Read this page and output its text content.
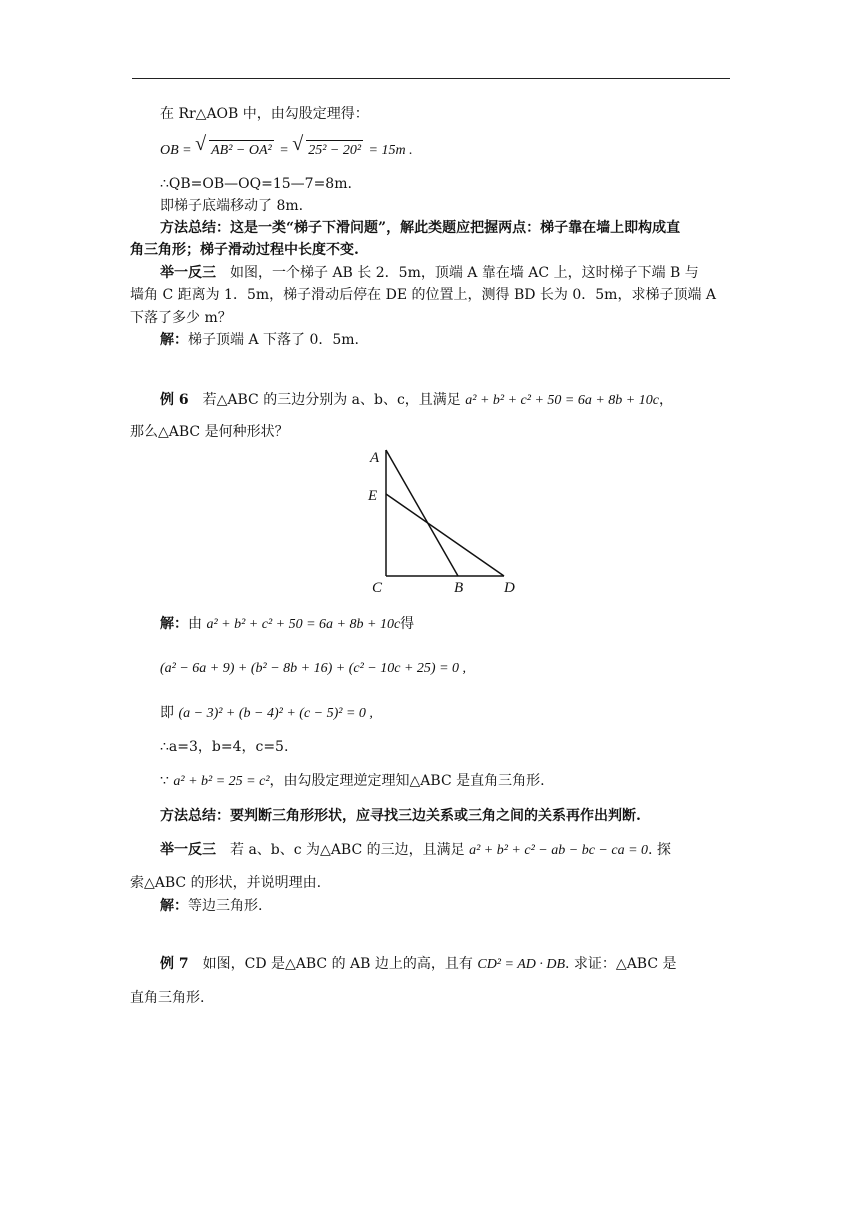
在 Rr△AOB 中，由勾股定理得：
OB = √ AB² − OA² = √ 25² − 20² = 15m .
∴QB=OB—OQ=15—7=8m.
即梯子底端移动了 8m.
方法总结：这是一类“梯子下滑问题”，解此类题应把握两点：梯子靠在墙上即构成直
角三角形；梯子滑动过程中长度不变.
举一反三　如图，一个梯子 AB 长 2．5m，顶端 A 靠在墙 AC 上，这时梯子下端 B 与
墙角 C 距离为 1．5m，梯子滑动后停在 DE 的位置上，测得 BD 长为 0．5m，求梯子顶端 A
下落了多少 m？
解：梯子顶端 A 下落了 0．5m.
例 6　若△ABC 的三边分别为 a、b、c，且满足 a² + b² + c² + 50 = 6a + 8b + 10c，
那么△ABC 是何种形状？
A
E
C	B	D
解：由 a² + b² + c² + 50 = 6a + 8b + 10c得
(a² − 6a + 9) + (b² − 8b + 16) + (c² − 10c + 25) = 0 ,
即 (a − 3)² + (b − 4)² + (c − 5)² = 0 ,
∴a=3，b=4，c=5.
∵ a² + b² = 25 = c²，由勾股定理逆定理知△ABC 是直角三角形.
方法总结：要判断三角形形状，应寻找三边关系或三角之间的关系再作出判断.
举一反三　若 a、b、c 为△ABC 的三边，且满足 a² + b² + c² − ab − bc − ca = 0. 探
索△ABC 的形状，并说明理由.
解：等边三角形.
例 7　如图，CD 是△ABC 的 AB 边上的高，且有 CD² = AD · DB. 求证：△ABC 是
直角三角形.
